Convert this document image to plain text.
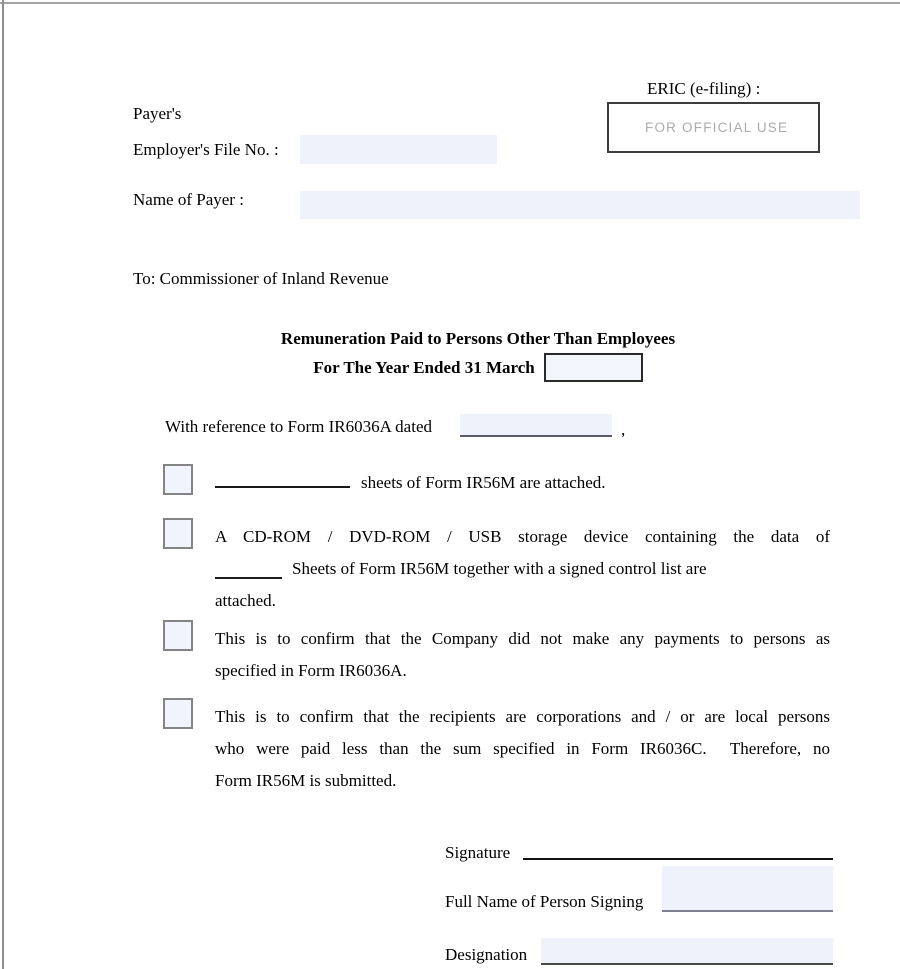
ERIC (e-filing) :
FOR OFFICIAL USE
Payer's
Employer's File No. :
Name of Payer :
To: Commissioner of Inland Revenue
Remuneration Paid to Persons Other Than Employees
For The Year Ended 31 March
With reference to Form IR6036A dated	,
sheets of Form IR56M are attached.
A CD-ROM / DVD-ROM / USB storage device containing the data of
Sheets of Form IR56M together with a signed control list are
attached.
This is to confirm that the Company did not make any payments to persons as
specified in Form IR6036A.
This is to confirm that the recipients are corporations and / or are local persons
who were paid less than the sum specified in Form IR6036C.  Therefore, no
Form IR56M is submitted.
Signature
Full Name of Person Signing
Designation
